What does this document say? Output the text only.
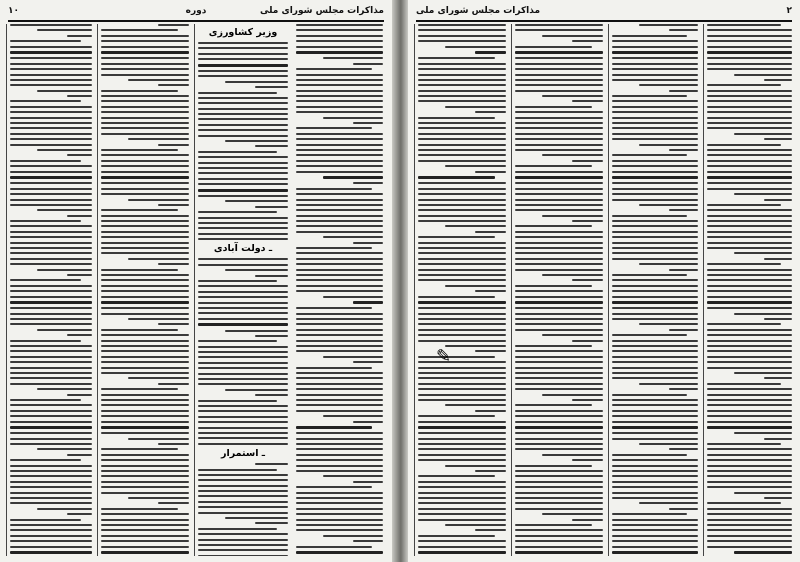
۱۰	دوره	مذاکرات مجلس شورای ملی
وزیر کشاورزی
ـ دولت آبادی
ـ استمرار
مذاکرات مجلس شورای ملی	۲
✎
